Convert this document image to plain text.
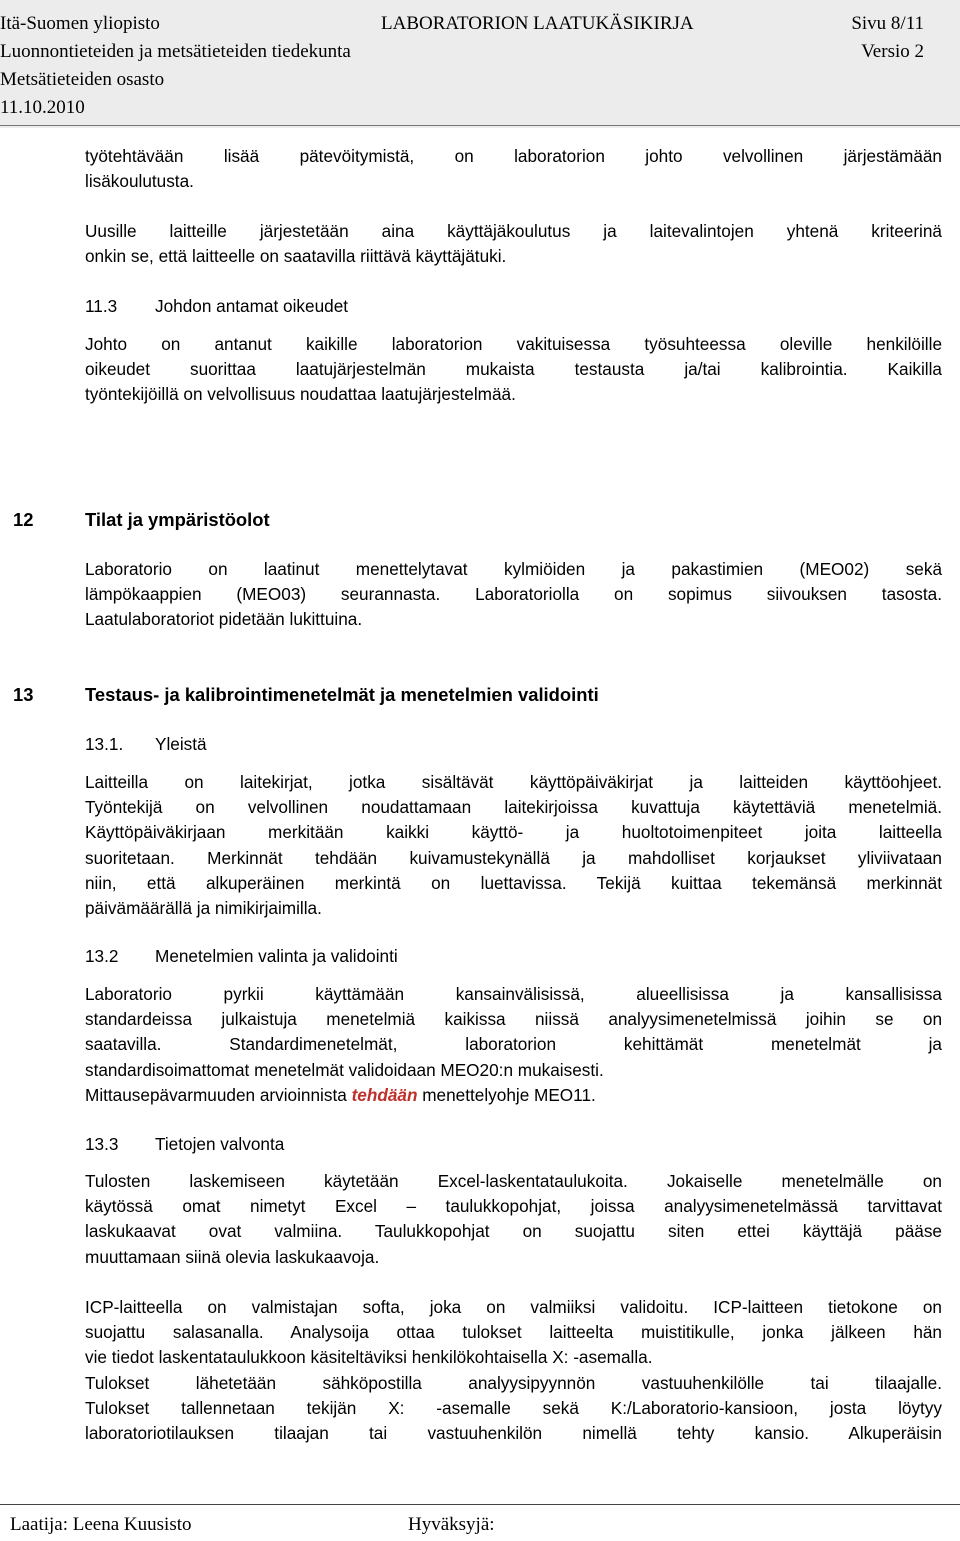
Itä-Suomen yliopisto	LABORATORION LAATUKÄSIKIRJA	Sivu 8/11
Luonnontieteiden ja metsätieteiden tiedekunta	Versio 2
Metsätieteiden osasto
11.10.2010
työtehtävään lisää pätevöitymistä, on laboratorion johto velvollinen järjestämään
lisäkoulutusta.
Uusille laitteille järjestetään aina käyttäjäkoulutus ja laitevalintojen yhtenä kriteerinä
onkin se, että laitteelle on saatavilla riittävä käyttäjätuki.
11.3 Johdon antamat oikeudet
Johto on antanut kaikille laboratorion vakituisessa työsuhteessa oleville henkilöille
oikeudet suorittaa laatujärjestelmän mukaista testausta ja/tai kalibrointia. Kaikilla
työntekijöillä on velvollisuus noudattaa laatujärjestelmää.
12	Tilat ja ympäristöolot
Laboratorio on laatinut menettelytavat kylmiöiden ja pakastimien (MEO02) sekä
lämpökaappien (MEO03) seurannasta. Laboratoriolla on sopimus siivouksen tasosta.
Laatulaboratoriot pidetään lukittuina.
13	Testaus- ja kalibrointimenetelmät ja menetelmien validointi
13.1. Yleistä
Laitteilla on laitekirjat, jotka sisältävät käyttöpäiväkirjat ja laitteiden käyttöohjeet.
Työntekijä on velvollinen noudattamaan laitekirjoissa kuvattuja käytettäviä menetelmiä.
Käyttöpäiväkirjaan merkitään kaikki käyttö- ja huoltotoimenpiteet joita laitteella
suoritetaan. Merkinnät tehdään kuivamustekynällä ja mahdolliset korjaukset yliviivataan
niin, että alkuperäinen merkintä on luettavissa. Tekijä kuittaa tekemänsä merkinnät
päivämäärällä ja nimikirjaimilla.
13.2 Menetelmien valinta ja validointi
Laboratorio pyrkii käyttämään kansainvälisissä, alueellisissa ja kansallisissa
standardeissa julkaistuja menetelmiä kaikissa niissä analyysimenetelmissä joihin se on
saatavilla. Standardimenetelmät, laboratorion kehittämät menetelmät ja
standardisoimattomat menetelmät validoidaan MEO20:n mukaisesti.
Mittausepävarmuuden arvioinnista tehdään menettelyohje MEO11.
13.3 Tietojen valvonta
Tulosten laskemiseen käytetään Excel-laskentataulukoita. Jokaiselle menetelmälle on
käytössä omat nimetyt Excel – taulukkopohjat, joissa analyysimenetelmässä tarvittavat
laskukaavat ovat valmiina. Taulukkopohjat on suojattu siten ettei käyttäjä pääse
muuttamaan siinä olevia laskukaavoja.
ICP-laitteella on valmistajan softa, joka on valmiiksi validoitu. ICP-laitteen tietokone on
suojattu salasanalla. Analysoija ottaa tulokset laitteelta muistitikulle, jonka jälkeen hän
vie tiedot laskentataulukkoon käsiteltäviksi henkilökohtaisella X: -asemalla.
Tulokset lähetetään sähköpostilla analyysipyynnön vastuuhenkilölle tai tilaajalle.
Tulokset tallennetaan tekijän X: -asemalle sekä K:/Laboratorio-kansioon, josta löytyy
laboratoriotilauksen tilaajan tai vastuuhenkilön nimellä tehty kansio. Alkuperäisin
Laatija: Leena Kuusisto	Hyväksyjä:
